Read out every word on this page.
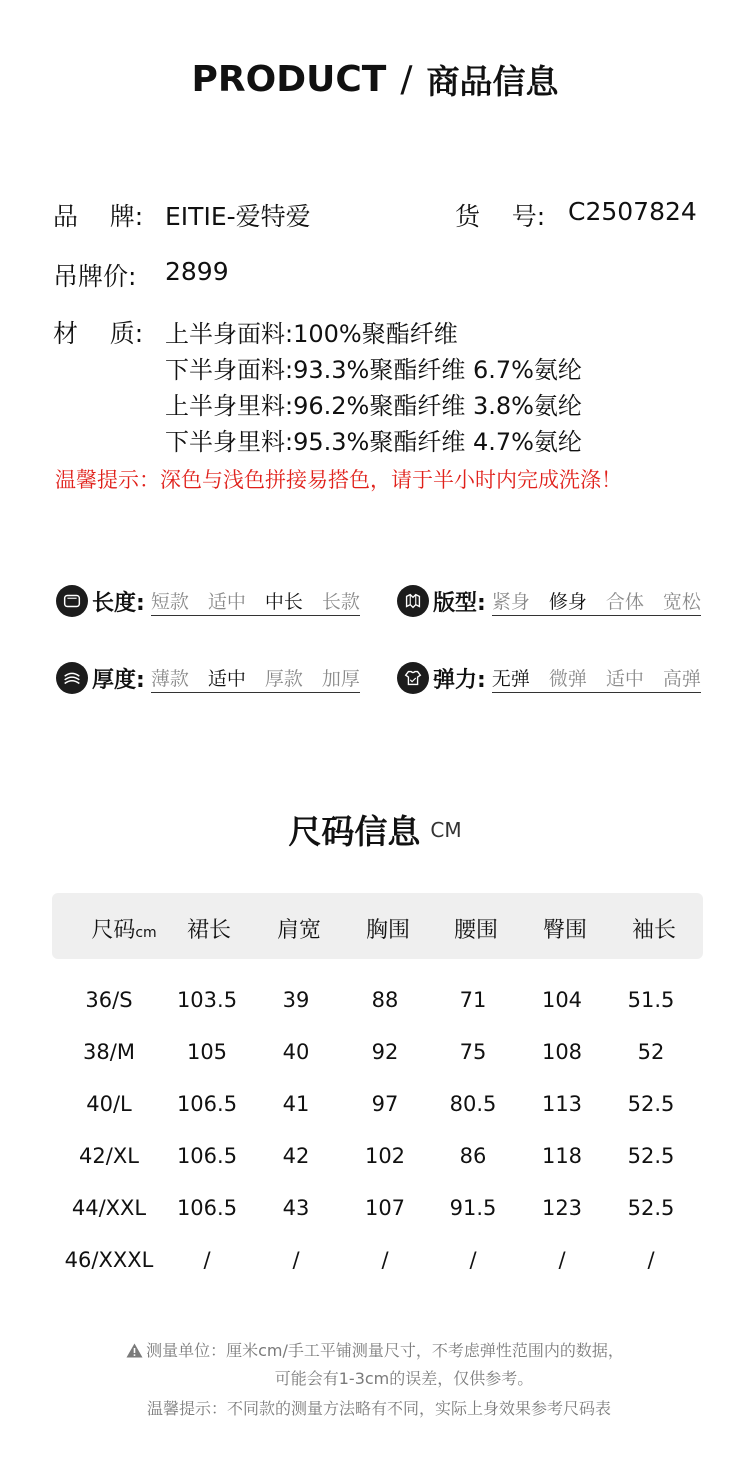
PRODUCT / 商品信息
品    牌: EITIE-爱特爱	货    号: C2507824
吊牌价: 2899
材    质: 上半身面料:100%聚酯纤维
下半身面料:93.3%聚酯纤维 6.7%氨纶
上半身里料:96.2%聚酯纤维 3.8%氨纶
下半身里料:95.3%聚酯纤维 4.7%氨纶
温馨提示：深色与浅色拼接易搭色，请于半小时内完成洗涤！
长度: 短款 适中 中长 长款	版型: 紧身 修身 合体 宽松
厚度: 薄款 适中 厚款 加厚	弹力: 无弹 微弹 适中 高弹
尺码信息 CM
尺码cm	裙长	肩宽	胸围	腰围	臀围	袖长
36/S	103.5	39	88	71	104	51.5
38/M	105	40	92	75	108	52
40/L	106.5	41	97	80.5	113	52.5
42/XL	106.5	42	102	86	118	52.5
44/XXL	106.5	43	107	91.5	123	52.5
46/XXXL	/	/	/	/	/	/
测量单位：厘米cm/手工平铺测量尺寸，不考虑弹性范围内的数据，
可能会有1-3cm的误差，仅供参考。
温馨提示：不同款的测量方法略有不同，实际上身效果参考尺码表
